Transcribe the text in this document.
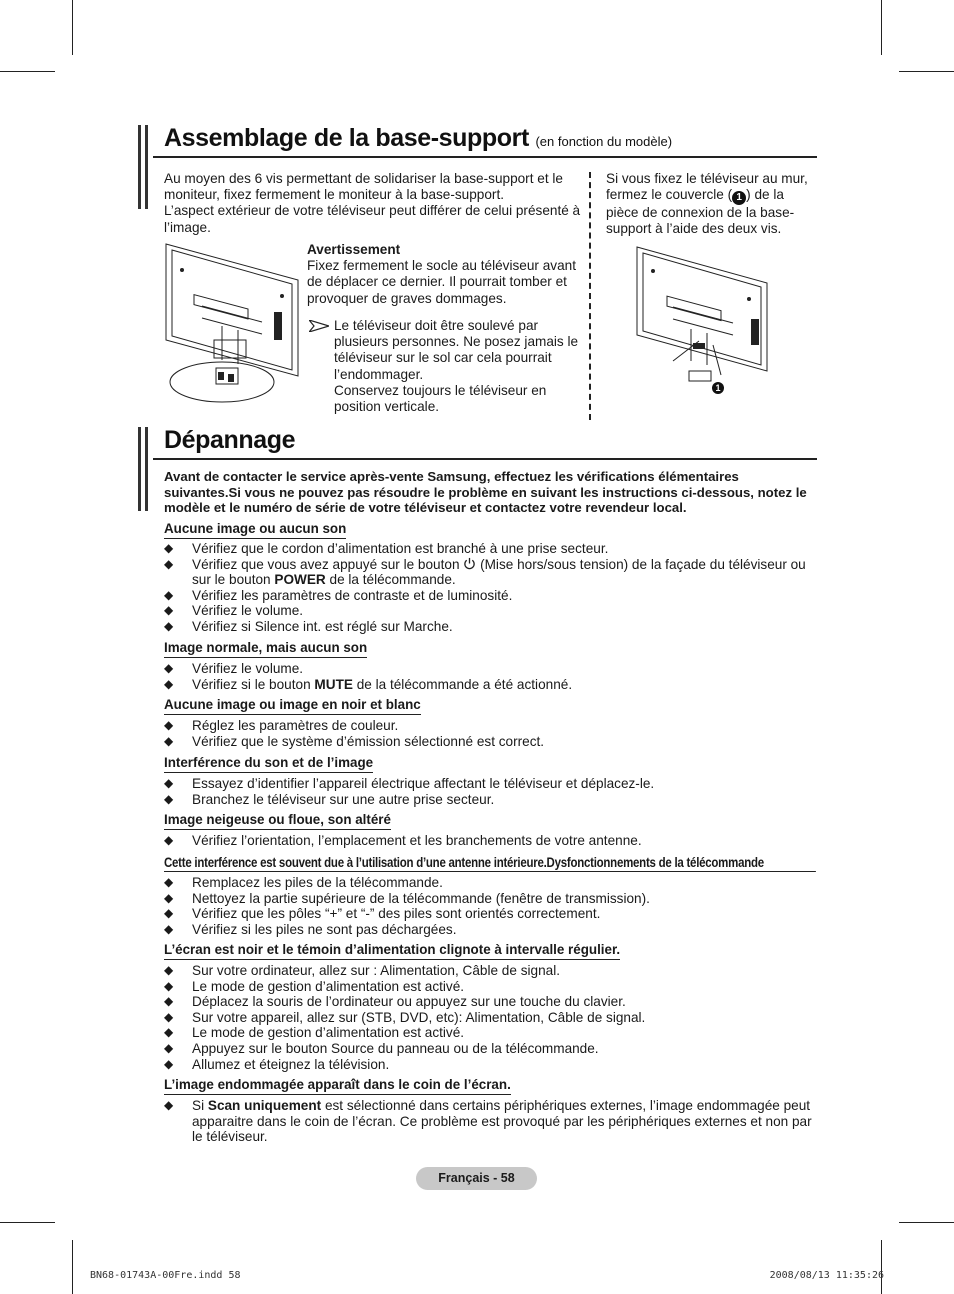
Assemblage de la base-support (en fonction du modèle)
Au moyen des 6 vis permettant de solidariser la base-support et le moniteur, fixez fermement le moniteur à la base-support.
L’aspect extérieur de votre téléviseur peut différer de celui présenté à l’image.
Avertissement
Fixez fermement le socle au téléviseur avant de déplacer ce dernier. Il pourrait tomber et provoquer de graves dommages.
Le téléviseur doit être soulevé par plusieurs personnes. Ne posez jamais le téléviseur sur le sol car cela pourrait l’endommager.
Conservez toujours le téléviseur en position verticale.
Si vous fixez le téléviseur au mur, fermez le couvercle ( 1 ) de la pièce de connexion de la base-support à l’aide des deux vis.
1
Dépannage
Avant de contacter le service après-vente Samsung, effectuez les vérifications élémentaires suivantes.Si vous ne pouvez pas résoudre le problème en suivant les instructions ci-dessous, notez le modèle et le numéro de série de votre téléviseur et contactez votre revendeur local.
Aucune image ou aucun son
◆ Vérifiez que le cordon d’alimentation est branché à une prise secteur.
◆ Vérifiez que vous avez appuyé sur le bouton  (Mise hors/sous tension) de la façade du téléviseur ou sur le bouton POWER de la télécommande.
◆ Vérifiez les paramètres de contraste et de luminosité.
◆ Vérifiez le volume.
◆ Vérifiez si Silence int. est réglé sur Marche.
Image normale, mais aucun son
◆ Vérifiez le volume.
◆ Vérifiez si le bouton MUTE de la télécommande a été actionné.
Aucune image ou image en noir et blanc
◆ Réglez les paramètres de couleur.
◆ Vérifiez que le système d’émission sélectionné est correct.
Interférence du son et de l’image
◆ Essayez d’identifier l’appareil électrique affectant le téléviseur et déplacez-le.
◆ Branchez le téléviseur sur une autre prise secteur.
Image neigeuse ou floue, son altéré
◆ Vérifiez l’orientation, l’emplacement et les branchements de votre antenne.
Cette interférence est souvent due à l’utilisation d’une antenne intérieure.Dysfonctionnements de la télécommande
◆ Remplacez les piles de la télécommande.
◆ Nettoyez la partie supérieure de la télécommande (fenêtre de transmission).
◆ Vérifiez que les pôles “+” et “-” des piles sont orientés correctement.
◆ Vérifiez si les piles ne sont pas déchargées.
L’écran est noir et le témoin d’alimentation clignote à intervalle régulier.
◆ Sur votre ordinateur, allez sur : Alimentation, Câble de signal.
◆ Le mode de gestion d’alimentation est activé.
◆ Déplacez la souris de l’ordinateur ou appuyez sur une touche du clavier.
◆ Sur votre appareil, allez sur (STB, DVD, etc): Alimentation, Câble de signal.
◆ Le mode de gestion d’alimentation est activé.
◆ Appuyez sur le bouton Source du panneau ou de la télécommande.
◆ Allumez et éteignez la télévision.
L’image endommagée apparaît dans le coin de l’écran.
◆ Si Scan uniquement est sélectionné dans certains périphériques externes, l’image endommagée peut apparaitre dans le coin de l’écran. Ce problème est provoqué par les périphériques externes et non par le téléviseur.
Français - 58
BN68-01743A-00Fre.indd 58	2008/08/13 11:35:26
